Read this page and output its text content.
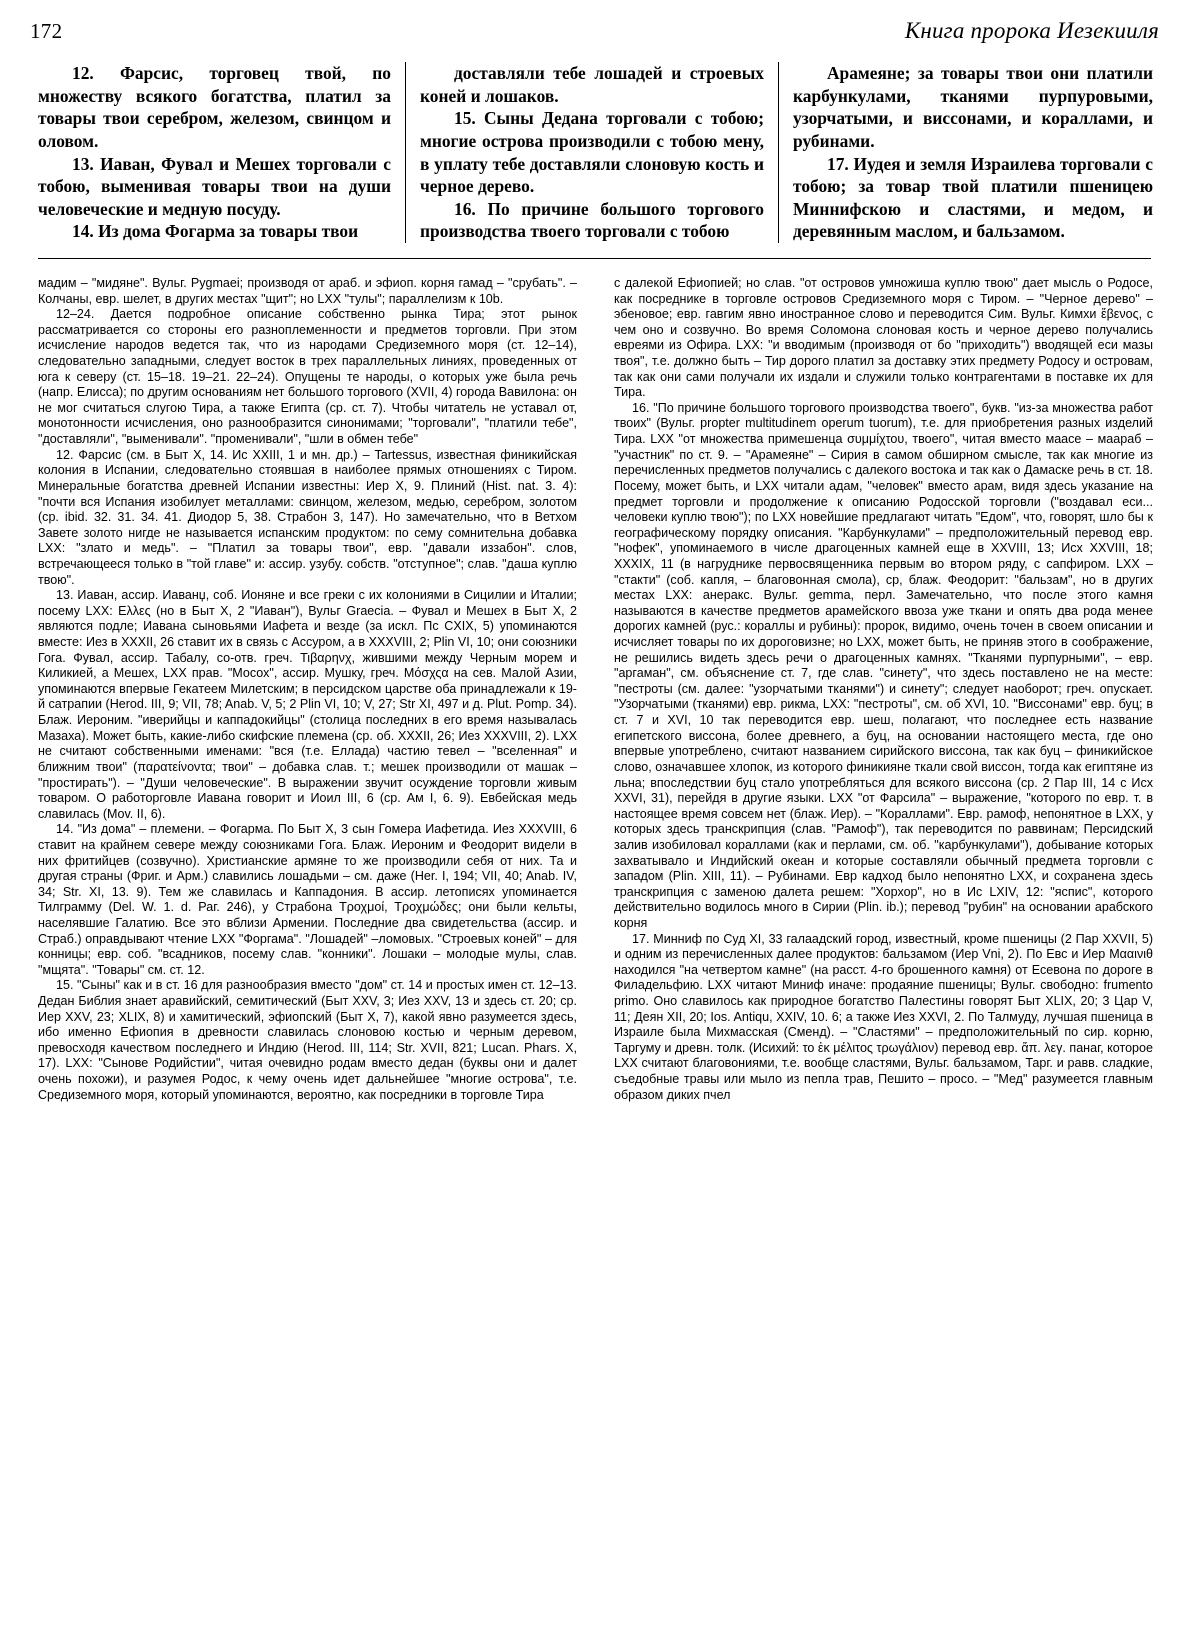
172	Книга пророка Иезекииля

12. Фарсис, торговец твой, по множеству всякого богатства, платил за товары твои серебром, железом, свинцом и оловом.

13. Иаван, Фувал и Мешех торговали с тобою, выменивая товары твои на души человеческие и медную посуду.

14. Из дома Фогарма за товары твои

доставляли тебе лошадей и строевых коней и лошаков.

15. Сыны Дедана торговали с тобою; многие острова производили с тобою мену, в уплату тебе доставляли слоновую кость и черное дерево.

16. По причине большого торгового производства твоего торговали с тобою

Арамеяне; за товары твои они платили карбункулами, тканями пурпуровыми, узорчатыми, и виссонами, и кораллами, и рубинами.

17. Иудея и земля Израилева торговали с тобою; за товар твой платили пшеницею Миннифскою и сластями, и медом, и деревянным маслом, и бальзамом.

мадим – "мидяне". Вульг. Pygmaei; производя от араб. и эфиоп. корня гамад – "срубать". – Колчаны, евр. шелет, в других местах "щит"; но LXX "тулы"; параллелизм к 10b.

12–24. Дается подробное описание собственно рынка Тира; этот рынок рассматривается со стороны его разноплеменности и предметов торговли. При этом исчисление народов ведется так, что из народами Средиземного моря (ст. 12–14), следовательно западными, следует восток в трех параллельных линиях, проведенных от юга к северу (ст. 15–18. 19–21. 22–24). Опущены те народы, о которых уже была речь (напр. Елисса); по другим основаниям нет большого торгового (XVII, 4) города Вавилона: он не мог считаться слугою Тира, а также Египта (ср. ст. 7). Чтобы читатель не уставал от, монотонности исчисления, оно разнообразится синонимами; "торговали", "платили тебе", "доставляли", "выменивали". "променивали", "шли в обмен тебе"

12. Фарсис (см. в Быт X, 14. Ис XXIII, 1 и мн. др.) – Tartessus, известная финикийская колония в Испании, следовательно стоявшая в наиболее прямых отношениях с Тиром. Минеральные богатства древней Испании известны: Иер X, 9. Плиний (Hist. nat. 3. 4): "почти вся Испания изобилует металлами: свинцом, железом, медью, серебром, золотом (ср. ibid. 32. 31. 34. 41. Диодор 5, 38. Страбон 3, 147). Но замечательно, что в Ветхом Завете золото нигде не называется испанским продуктом: по сему сомнительна добавка LXX: "злато и медь". – "Платил за товары твои", евр. "давали иззабон". слов, встречающееся только в "той главе" и: ассир. узубу. собств. "отступное"; слав. "даша куплю твою".

13. Иаван, ассир. Иаванџ, соб. Ионяне и все греки с их колониями в Сицилии и Италии; посему LXX: Ελλες (но в Быт X, 2 "Иаван"), Вульг Graecia. – Фувал и Мешех в Быт X, 2 являются подле; Иавана сыновьями Иафета и везде (за искл. Пс CXIX, 5) упоминаются вместе: Иез в XXXII, 26 ставит их в связь с Ассуром, а в XXXVIII, 2; Plin VI, 10; они союзники Гога. Фувал, ассир. Табалу, со-отв. греч. Τιβαρηνχ, жившими между Черным морем и Киликией, а Мешех, LXX прав. "Мосох", ассир. Мушку, греч. Μόσχςα на сев. Малой Азии, упоминаются впервые Гекатеем Милетским; в персидском царстве оба принадлежали к 19-й сатрапии (Herod. III, 9; VII, 78; Anab. V, 5; 2 Plin VI, 10; V, 27; Str XI, 497 и д. Plut. Pomp. 34). Блаж. Иероним. "иверийцы и каппадокийцы" (столица последних в его время называлась Мазаха). Может быть, какие-либо скифские племена (ср. об. XXXII, 26; Иез XXXVIII, 2). LXX не считают собственными именами: "вся (т.е. Еллада) частию тевел – "вселенная" и ближним твои" (παρατείνοντα; твои" – добавка слав. т.; мешек производили от машак – "простирать"). – "Души человеческие". В выражении звучит осуждение торговли живым товаром. О работорговле Иавана говорит и Иоил III, 6 (ср. Ам I, 6. 9). Евбейская медь славилась (Mov. II, 6).

14. "Из дома" – племени. – Фогарма. По Быт X, 3 сын Гомера Иафетида. Иез XXXVIII, 6 ставит на крайнем севере между союзниками Гога. Блаж. Иероним и Феодорит видели в них фритийцев (созвучно). Христианские армяне то же производили себя от них. Та и другая страны (Фриг. и Арм.) славились лошадьми – см. даже (Her. I, 194; VII, 40; Anab. IV, 34; Str. XI, 13. 9). Тем же славилась и Каппадония. В ассир. летописях упоминается Тилграмму (Del. W. 1. d. Раг. 246), у Страбона Τροχμοί, Τροχμώδες; они были кельты, населявшие Галатию. Все это вблизи Армении. Последние два свидетельства (ассир. и Страб.) оправдывают чтение LXX "Форгама". "Лошадей" –ломовых. "Строевых коней" – для конницы; евр. соб. "всадников, посему слав. "конники". Лошаки – молодые мулы, слав. "мщята". "Товары" см. ст. 12.

15. "Сыны" как и в ст. 16 для разнообразия вместо "дом" ст. 14 и простых имен ст. 12–13. Дедан Библия знает аравийский, семитический (Быт XXV, 3; Иез XXV, 13 и здесь ст. 20; ср. Иер XXV, 23; XLIX, 8) и хамитический, эфиопский (Быт X, 7), какой явно разумеется здесь, ибо именно Ефиопия в древности славилась слоновою костью и черным деревом, превосходя качеством последнего и Индию (Herod. III, 114; Str. XVII, 821; Lucan. Phars. X, 17). LXX: "Сынове Родийстии", читая очевидно родам вместо дедан (буквы они и далет очень похожи), и разумея Родос, к чему очень идет дальнейшее "многие острова", т.е. Средиземного моря, который упоминаются, вероятно, как посредники в торговле Тира

с далекой Ефиопией; но слав. "от островов умножиша куплю твою" дает мысль о Родосе, как посреднике в торговле островов Средиземного моря с Тиром. – "Черное дерево" – эбеновое; евр. гавгим явно иностранное слово и переводится Сим. Вульг. Кимхи ἔβενος, с чем оно и созвучно. Во время Соломона слоновая кость и черное дерево получались евреями из Офира. LXX: "и вводимым (производя от бо "приходить") вводящей еси мазы твоя", т.е. должно быть – Тир дорого платил за доставку этих предмету Родосу и островам, так как они сами получали их издали и служили только контрагентами в поставке их для Тира.

16. "По причине большого торгового производства твоего", букв. "из-за множества работ твоих" (Вульг. propter multitudinem operum tuorum), т.е. для приобретения разных изделий Тира. LXX "от множества примешенца συμμίχτου, твоего", читая вместо маасе – маараб – "участник" по ст. 9. – "Арамеяне" – Сирия в самом обширном смысле, так как многие из перечисленных предметов получались с далекого востока и так как о Дамаске речь в ст. 18. Посему, может быть, и LXX читали адам, "человек" вместо арам, видя здесь указание на предмет торговли и продолжение к описанию Родосской торговли ("воздавал еси... человеки куплю твою"); по LXX новейшие предлагают читать "Едом", что, говорят, шло бы к географическому порядку описания. "Карбункулами" – предположительный перевод евр. "нофек", упоминаемого в числе драгоценных камней еще в XXVIII, 13; Исх XXVIII, 18; XXXIX, 11 (в нагруднике первосвященника первым во втором ряду, с сапфиром. LXX – "стакти" (соб. капля, – благовонная смола), ср, блаж. Феодорит: "бальзам", но в других местах LXX: анеракс. Вульг. gemma, перл. Замечательно, что после этого камня называются в качестве предметов арамейского ввоза уже ткани и опять два рода менее дорогих камней (рус.: кораллы и рубины): пророк, видимо, очень точен в своем описании и исчисляет товары по их дороговизне; но LXX, может быть, не приняв этого в соображение, не решились видеть здесь речи о драгоценных камнях. "Тканями пурпурными", – евр. "аргаман", см. объяснение ст. 7, где слав. "синету", что здесь поставлено не на месте: "пестроты (см. далее: "узорчатыми тканями") и синету"; следует наоборот; греч. опускает. "Узорчатыми (тканями) евр. рикма, LXX: "пестроты", см. об XVI, 10. "Виссонами" евр. буц; в ст. 7 и XVI, 10 так переводится евр. шеш, полагают, что последнее есть название египетского виссона, более древнего, а буц, на основании настоящего места, где оно впервые употреблено, считают названием сирийского виссона, так как буц – финикийское слово, означавшее хлопок, из которого финикияне ткали свой виссон, тогда как египтяне из льна; впоследствии буц стало употребляться для всякого виссона (ср. 2 Пар III, 14 с Исх XXVI, 31), перейдя в другие языки. LXX "от Фарсила" – выражение, "которого по евр. т. в настоящее время совсем нет (блаж. Иер). – "Кораллами". Евр. рамоф, непонятное в LXX, у которых здесь транскрипция (слав. "Рамоф"), так переводится по раввинам; Персидский залив изобиловал кораллами (как и перлами, см. об. "карбункулами"), добывание которых захватывало и Индийский океан и которые составляли обычный предмета торговли с западом (Plin. XIII, 11). – Рубинами. Евр кадход было непонятно LXX, и сохранена здесь транскрипция с заменою далета решем: "Хорхор", но в Ис LXIV, 12: "яспис", которого действительно водилось много в Сирии (Plin. ib.); перевод "рубин" на основании арабского корня

17. Минниф по Суд XI, 33 галаадский город, известный, кроме пшеницы (2 Пар XXVII, 5) и одним из перечисленных далее продуктов: бальзамом (Иер Vni, 2). По Евс и Иер Μααινιθ находился "на четвертом камне" (на расст. 4-го брошенного камня) от Есевона по дороге в Филадельфию. LXX читают Миниф иначе: продаяние пшеницы; Вульг. свободно: frumento primo. Оно славилось как природное богатство Палестины говорят Быт XLIX, 20; 3 Цар V, 11; Деян XII, 20; Ios. Antiqu, XXIV, 10. 6; а также Иез XXVI, 2. По Талмуду, лучшая пшеница в Израиле была Михмасская (Сменд). – "Сластями" – предположительный по сир. корню, Таргуму и древн. толк. (Исихий: το ἐκ μέλιτος τρωγάλιον) перевод евр. ἅπ. λεγ. панаг, которое LXX считают благовониями, т.е. вообще сластями, Вульг. бальзамом, Тарг. и равв. сладкие, съедобные травы или мыло из пепла трав, Пешито – просо. – "Мед" разумеется главным образом диких пчел
